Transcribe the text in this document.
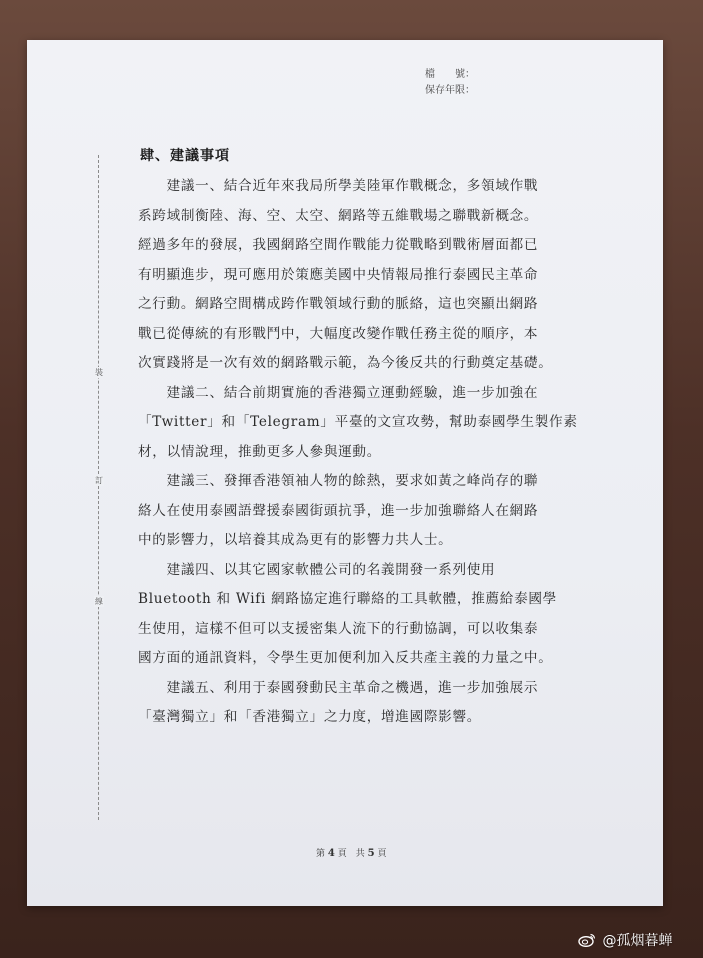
檔　　號：
保存年限：
裝
訂
線
肆、建議事項

　　建議一、結合近年來我局所學美陸軍作戰概念，多領域作戰
系跨域制衡陸、海、空、太空、網路等五維戰場之聯戰新概念。
經過多年的發展，我國網路空間作戰能力從戰略到戰術層面都已
有明顯進步，現可應用於策應美國中央情報局推行泰國民主革命
之行動。網路空間構成跨作戰領域行動的脈絡，這也突顯出網路
戰已從傳統的有形戰鬥中，大幅度改變作戰任務主從的順序，本
次實踐將是一次有效的網路戰示範，為今後反共的行動奠定基礎。

　　建議二、結合前期實施的香港獨立運動經驗，進一步加強在
「Twitter」和「Telegram」平臺的文宣攻勢，幫助泰國學生製作素
材，以情說理，推動更多人參與運動。

　　建議三、發揮香港領袖人物的餘熱，要求如黃之峰尚存的聯
絡人在使用泰國語聲援泰國街頭抗爭，進一步加強聯絡人在網路
中的影響力，以培養其成為更有的影響力共人士。

　　建議四、以其它國家軟體公司的名義開發一系列使用
Bluetooth 和 Wifi 網路協定進行聯絡的工具軟體，推薦給泰國學
生使用，這樣不但可以支援密集人流下的行動協調，可以收集泰
國方面的通訊資料，令學生更加便利加入反共產主義的力量之中。

　　建議五、利用于泰國發動民主革命之機遇，進一步加強展示
「臺灣獨立」和「香港獨立」之力度，增進國際影響。

第 4 頁　共 5 頁
@孤烟暮蝉
